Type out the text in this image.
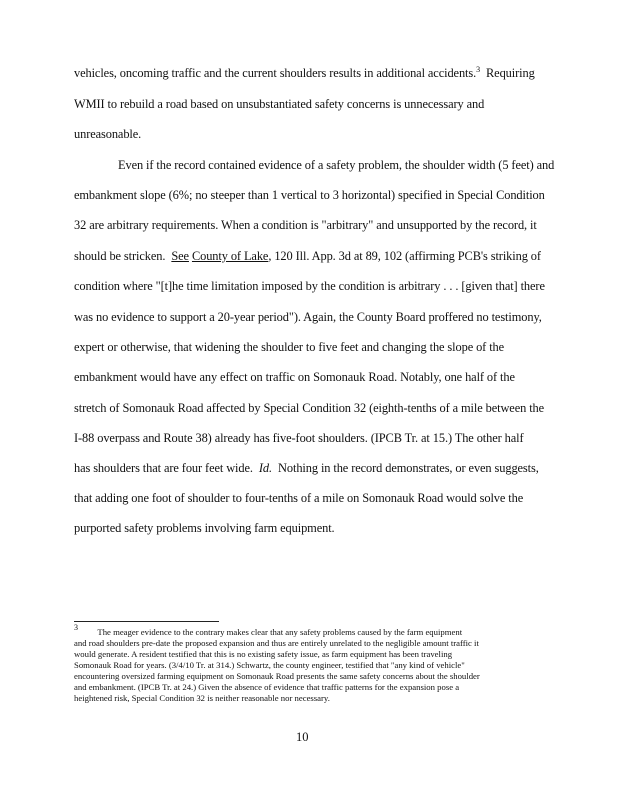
vehicles, oncoming traffic and the current shoulders results in additional accidents.$^3$  Requiring
WMII to rebuild a road based on unsubstantiated safety concerns is unnecessary and
unreasonable.
Even if the record contained evidence of a safety problem, the shoulder width (5 feet) and
embankment slope (6%; no steeper than 1 vertical to 3 horizontal) specified in Special Condition
32 are arbitrary requirements. When a condition is "arbitrary" and unsupported by the record, it
should be stricken.  See County of Lake, 120 Ill. App. 3d at 89, 102 (affirming PCB's striking of
condition where "[t]he time limitation imposed by the condition is arbitrary . . . [given that] there
was no evidence to support a 20-year period"). Again, the County Board proffered no testimony,
expert or otherwise, that widening the shoulder to five feet and changing the slope of the
embankment would have any effect on traffic on Somonauk Road. Notably, one half of the
stretch of Somonauk Road affected by Special Condition 32 (eighth-tenths of a mile between the
I-88 overpass and Route 38) already has five-foot shoulders. (IPCB Tr. at 15.) The other half
has shoulders that are four feet wide.  Id.  Nothing in the record demonstrates, or even suggests,
that adding one foot of shoulder to four-tenths of a mile on Somonauk Road would solve the
purported safety problems involving farm equipment.
$^3$         The meager evidence to the contrary makes clear that any safety problems caused by the farm equipment
and road shoulders pre-date the proposed expansion and thus are entirely unrelated to the negligible amount traffic it
would generate. A resident testified that this is no existing safety issue, as farm equipment has been traveling
Somonauk Road for years. (3/4/10 Tr. at 314.) Schwartz, the county engineer, testified that "any kind of vehicle"
encountering oversized farming equipment on Somonauk Road presents the same safety concerns about the shoulder
and embankment. (IPCB Tr. at 24.) Given the absence of evidence that traffic patterns for the expansion pose a
heightened risk, Special Condition 32 is neither reasonable nor necessary.
10
